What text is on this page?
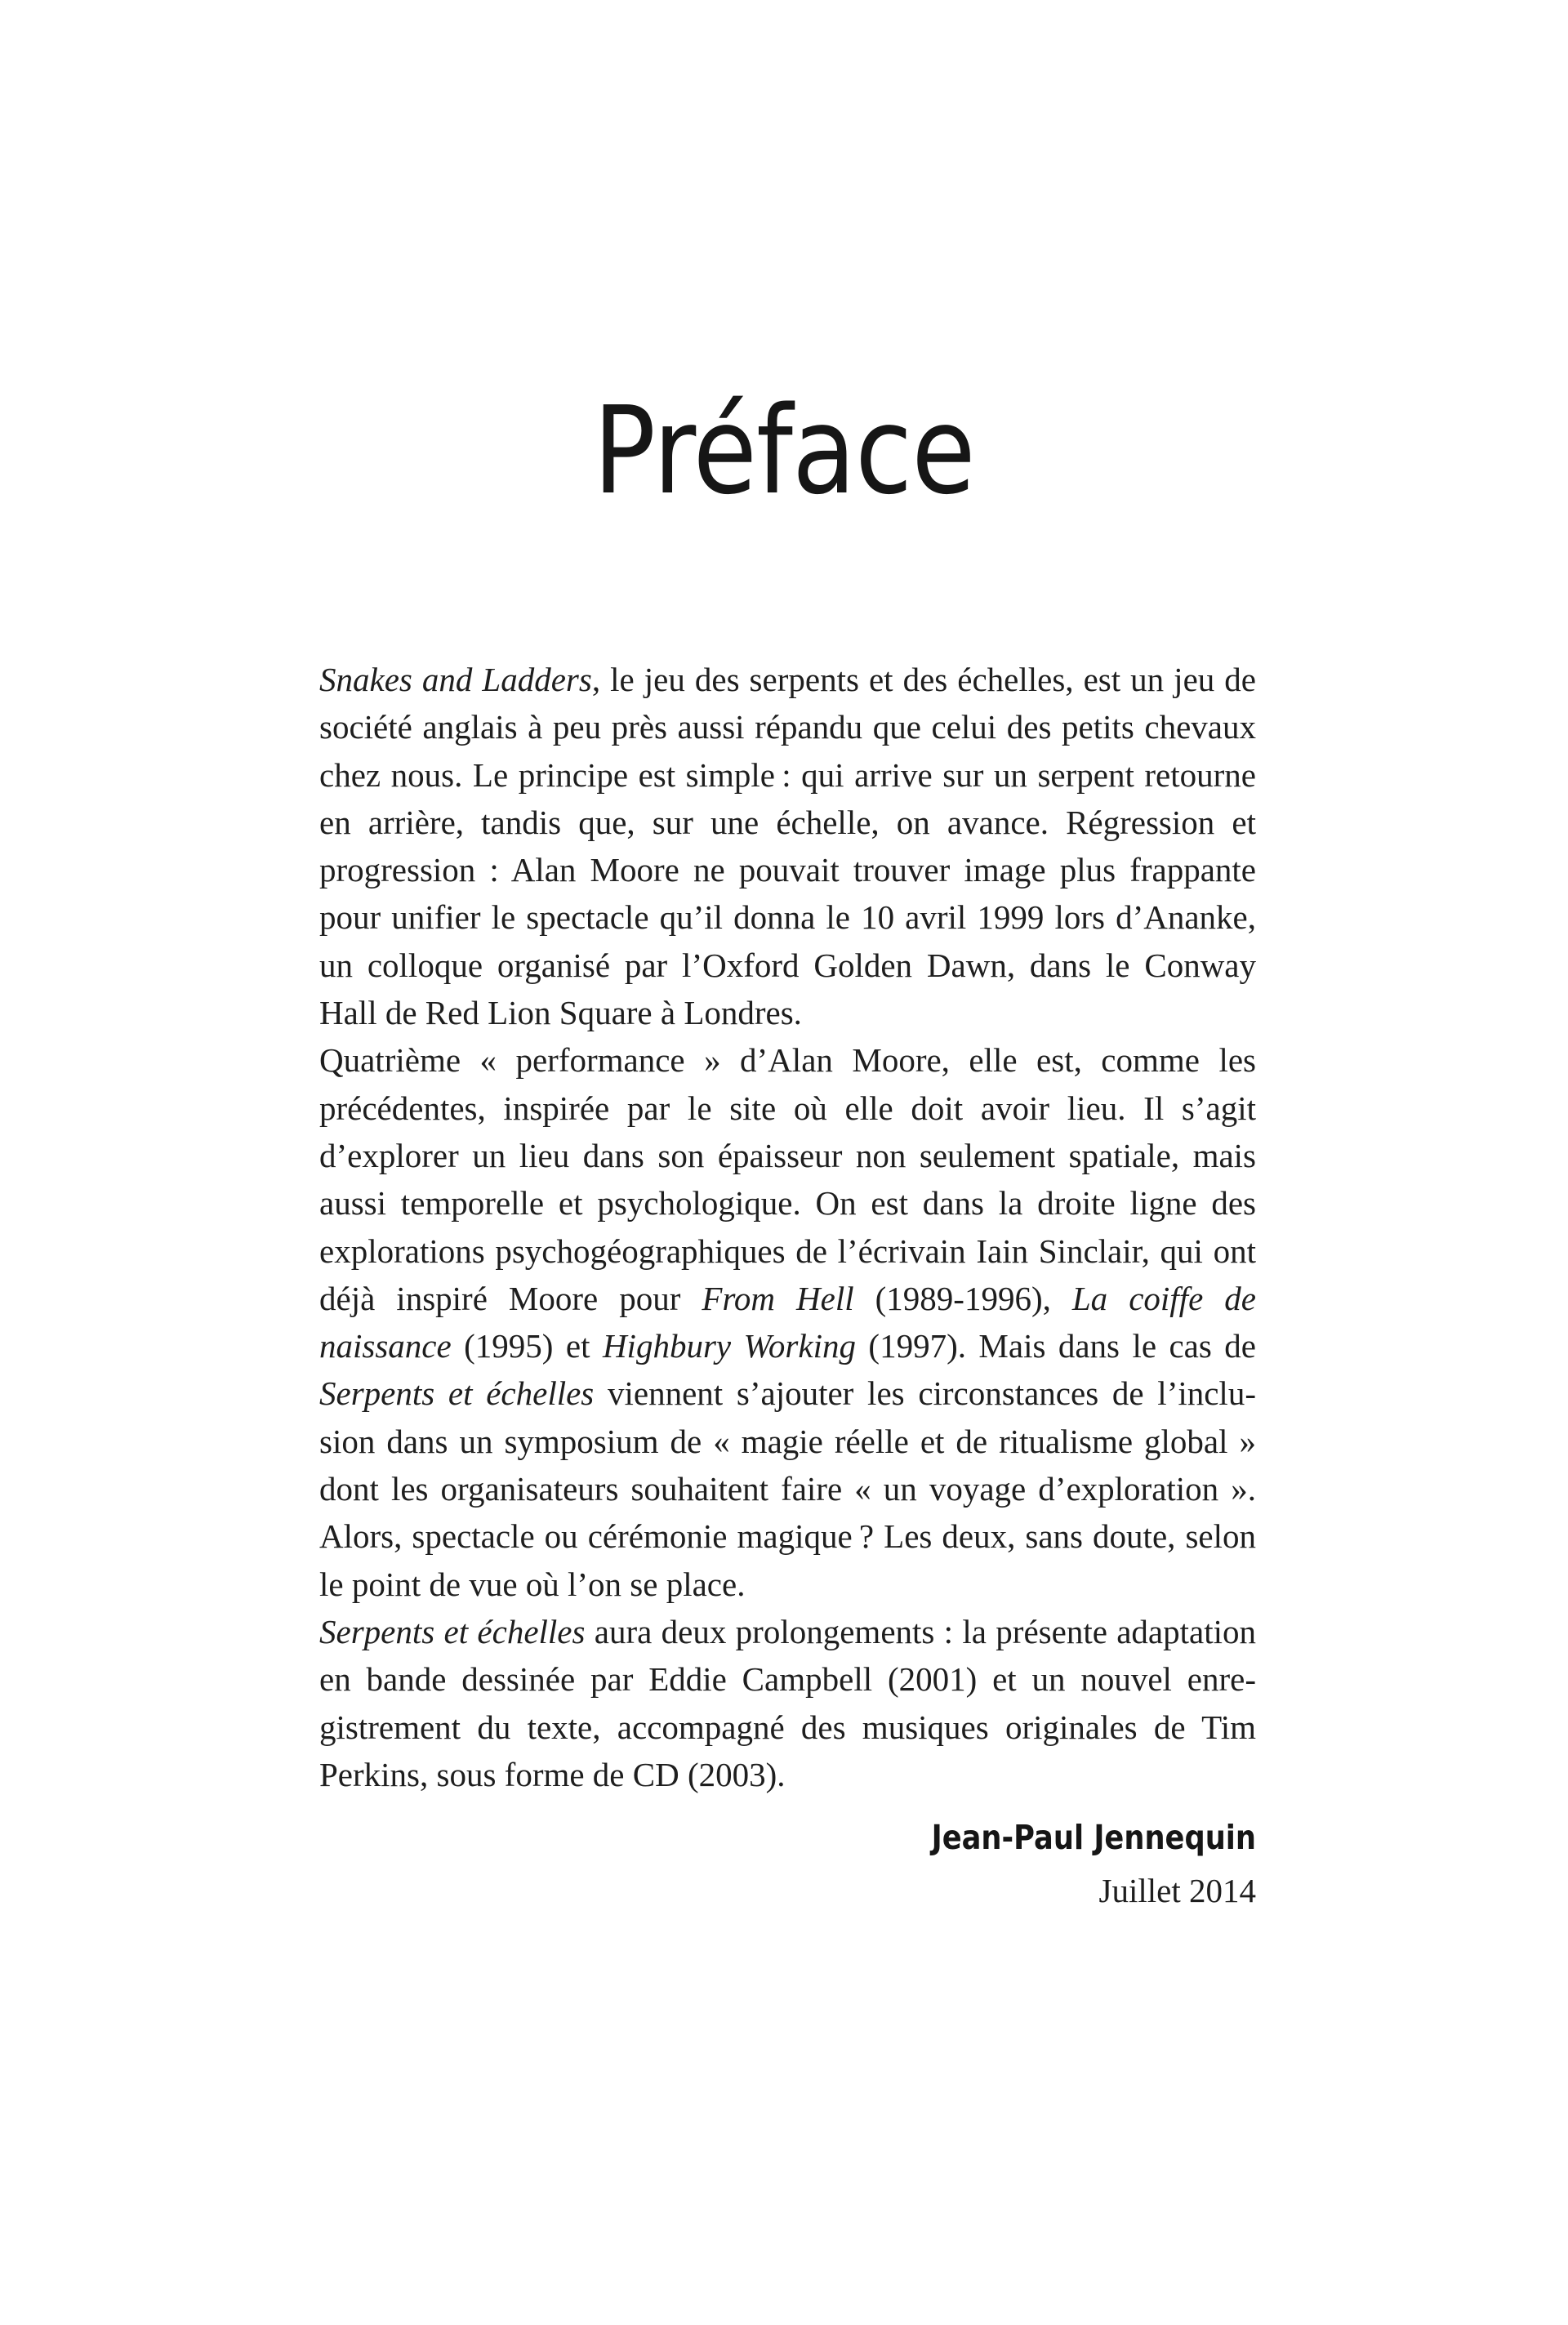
Préface

Snakes and Ladders, le jeu des serpents et des échelles, est un jeu de société anglais à peu près aussi répandu que celui des petits chevaux chez nous. Le principe est simple : qui arrive sur un serpent retourne en arrière, tandis que, sur une échelle, on avance. Régression et progression : Alan Moore ne pouvait trouver image plus frappante pour unifier le spectacle qu’il donna le 10 avril 1999 lors d’Ananke, un colloque organisé par l’Oxford Golden Dawn, dans le Conway Hall de Red Lion Square à Londres.

Quatrième « performance » d’Alan Moore, elle est, comme les précédentes, inspirée par le site où elle doit avoir lieu. Il s’agit d’explorer un lieu dans son épaisseur non seulement spatiale, mais aussi temporelle et psychologique. On est dans la droite ligne des explorations psychogéographiques de l’écrivain Iain Sinclair, qui ont déjà inspiré Moore pour From Hell (1989-1996), La coiffe de naissance (1995) et Highbury Working (1997). Mais dans le cas de Serpents et échelles viennent s’ajouter les circonstances de l’inclusion dans un symposium de « magie réelle et de ritualisme global » dont les organisateurs souhaitent faire « un voyage d’exploration ». Alors, spectacle ou cérémonie magique ? Les deux, sans doute, selon le point de vue où l’on se place.

Serpents et échelles aura deux prolongements : la présente adaptation en bande dessinée par Eddie Campbell (2001) et un nouvel enregistrement du texte, accompagné des musiques originales de Tim Perkins, sous forme de CD (2003).

Jean-Paul Jennequin
Juillet 2014
